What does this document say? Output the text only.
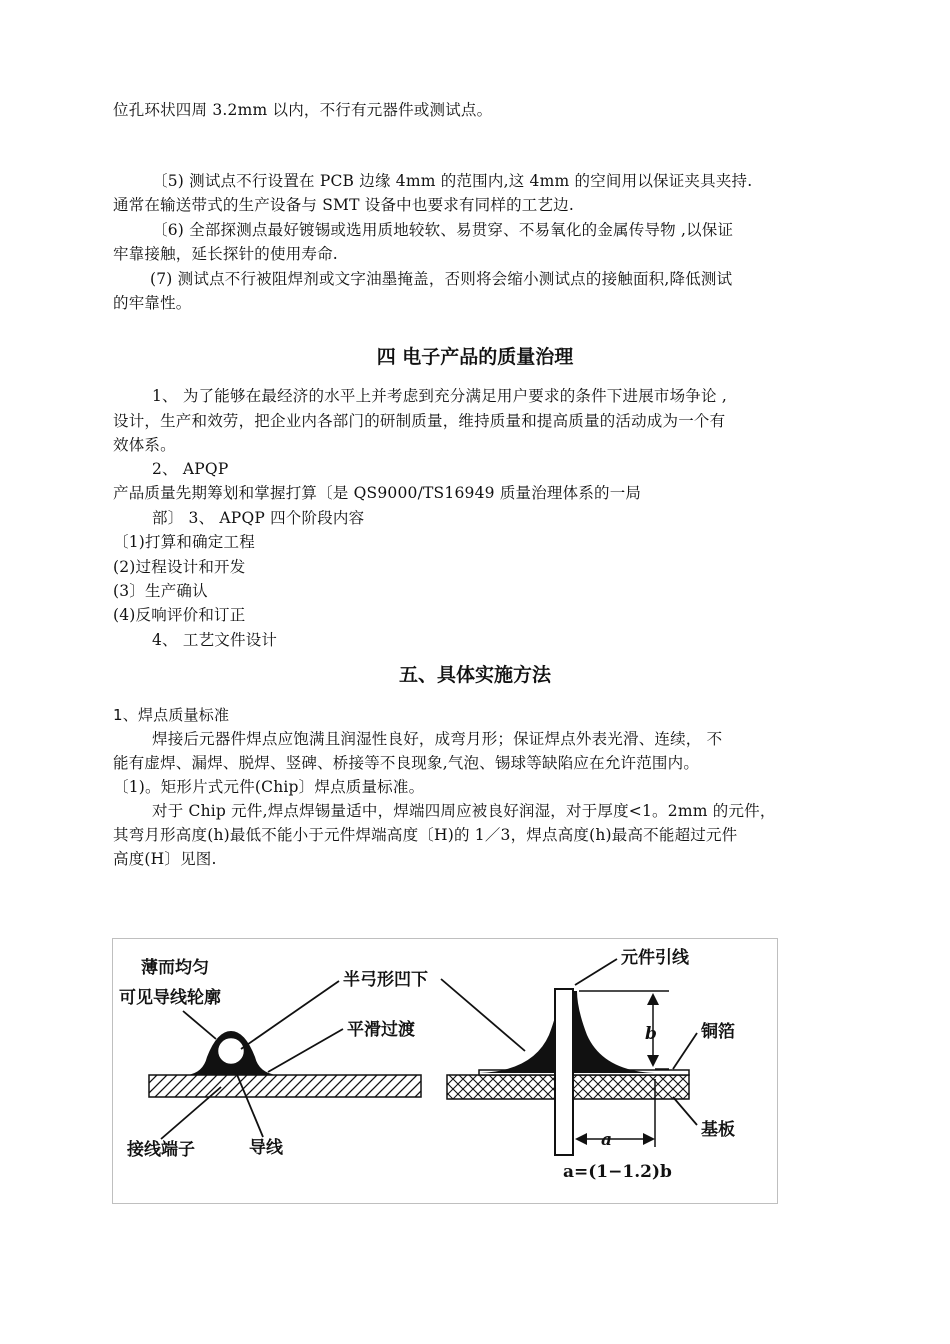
位孔环状四周 3.2mm 以内，不行有元器件或测试点。
〔5) 测试点不行设置在 PCB 边缘 4mm 的范围内,这 4mm 的空间用以保证夹具夹持.
通常在输送带式的生产设备与 SMT 设备中也要求有同样的工艺边.
〔6) 全部探测点最好镀锡或选用质地较软、易贯穿、不易氧化的金属传导物 ,以保证
牢靠接触，延长探针的使用寿命.
(7) 测试点不行被阻焊剂或文字油墨掩盖，否则将会缩小测试点的接触面积,降低测试
的牢靠性。
四 电子产品的质量治理
1、 为了能够在最经济的水平上并考虑到充分满足用户要求的条件下进展市场争论 ,
设计，生产和效劳，把企业内各部门的研制质量，维持质量和提高质量的活动成为一个有
效体系。
2、 APQP
产品质量先期筹划和掌握打算〔是 QS9000/TS16949 质量治理体系的一局
部〕 3、 APQP 四个阶段内容
〔1)打算和确定工程
(2)过程设计和开发
(3〕生产确认
(4)反响评价和订正
4、 工艺文件设计
五、具体实施方法
1、焊点质量标准
焊接后元器件焊点应饱满且润湿性良好，成弯月形；保证焊点外表光滑、连续， 不
能有虚焊、漏焊、脱焊、竖碑、桥接等不良现象,气泡、锡球等缺陷应在允许范围内。
〔1)。矩形片式元件(Chip〕焊点质量标准。
对于 Chip 元件,焊点焊锡量适中，焊端四周应被良好润湿，对于厚度<1。2mm 的元件，
其弯月形高度(h)最低不能小于元件焊端高度〔H)的 1／3，焊点高度(h)最高不能超过元件
高度(H〕见图.
薄而均匀
可见导线轮廓
半弓形凹下
平滑过渡
接线端子	导线
b
a
a=(1−1.2)b
元件引线
铜箔
基板
